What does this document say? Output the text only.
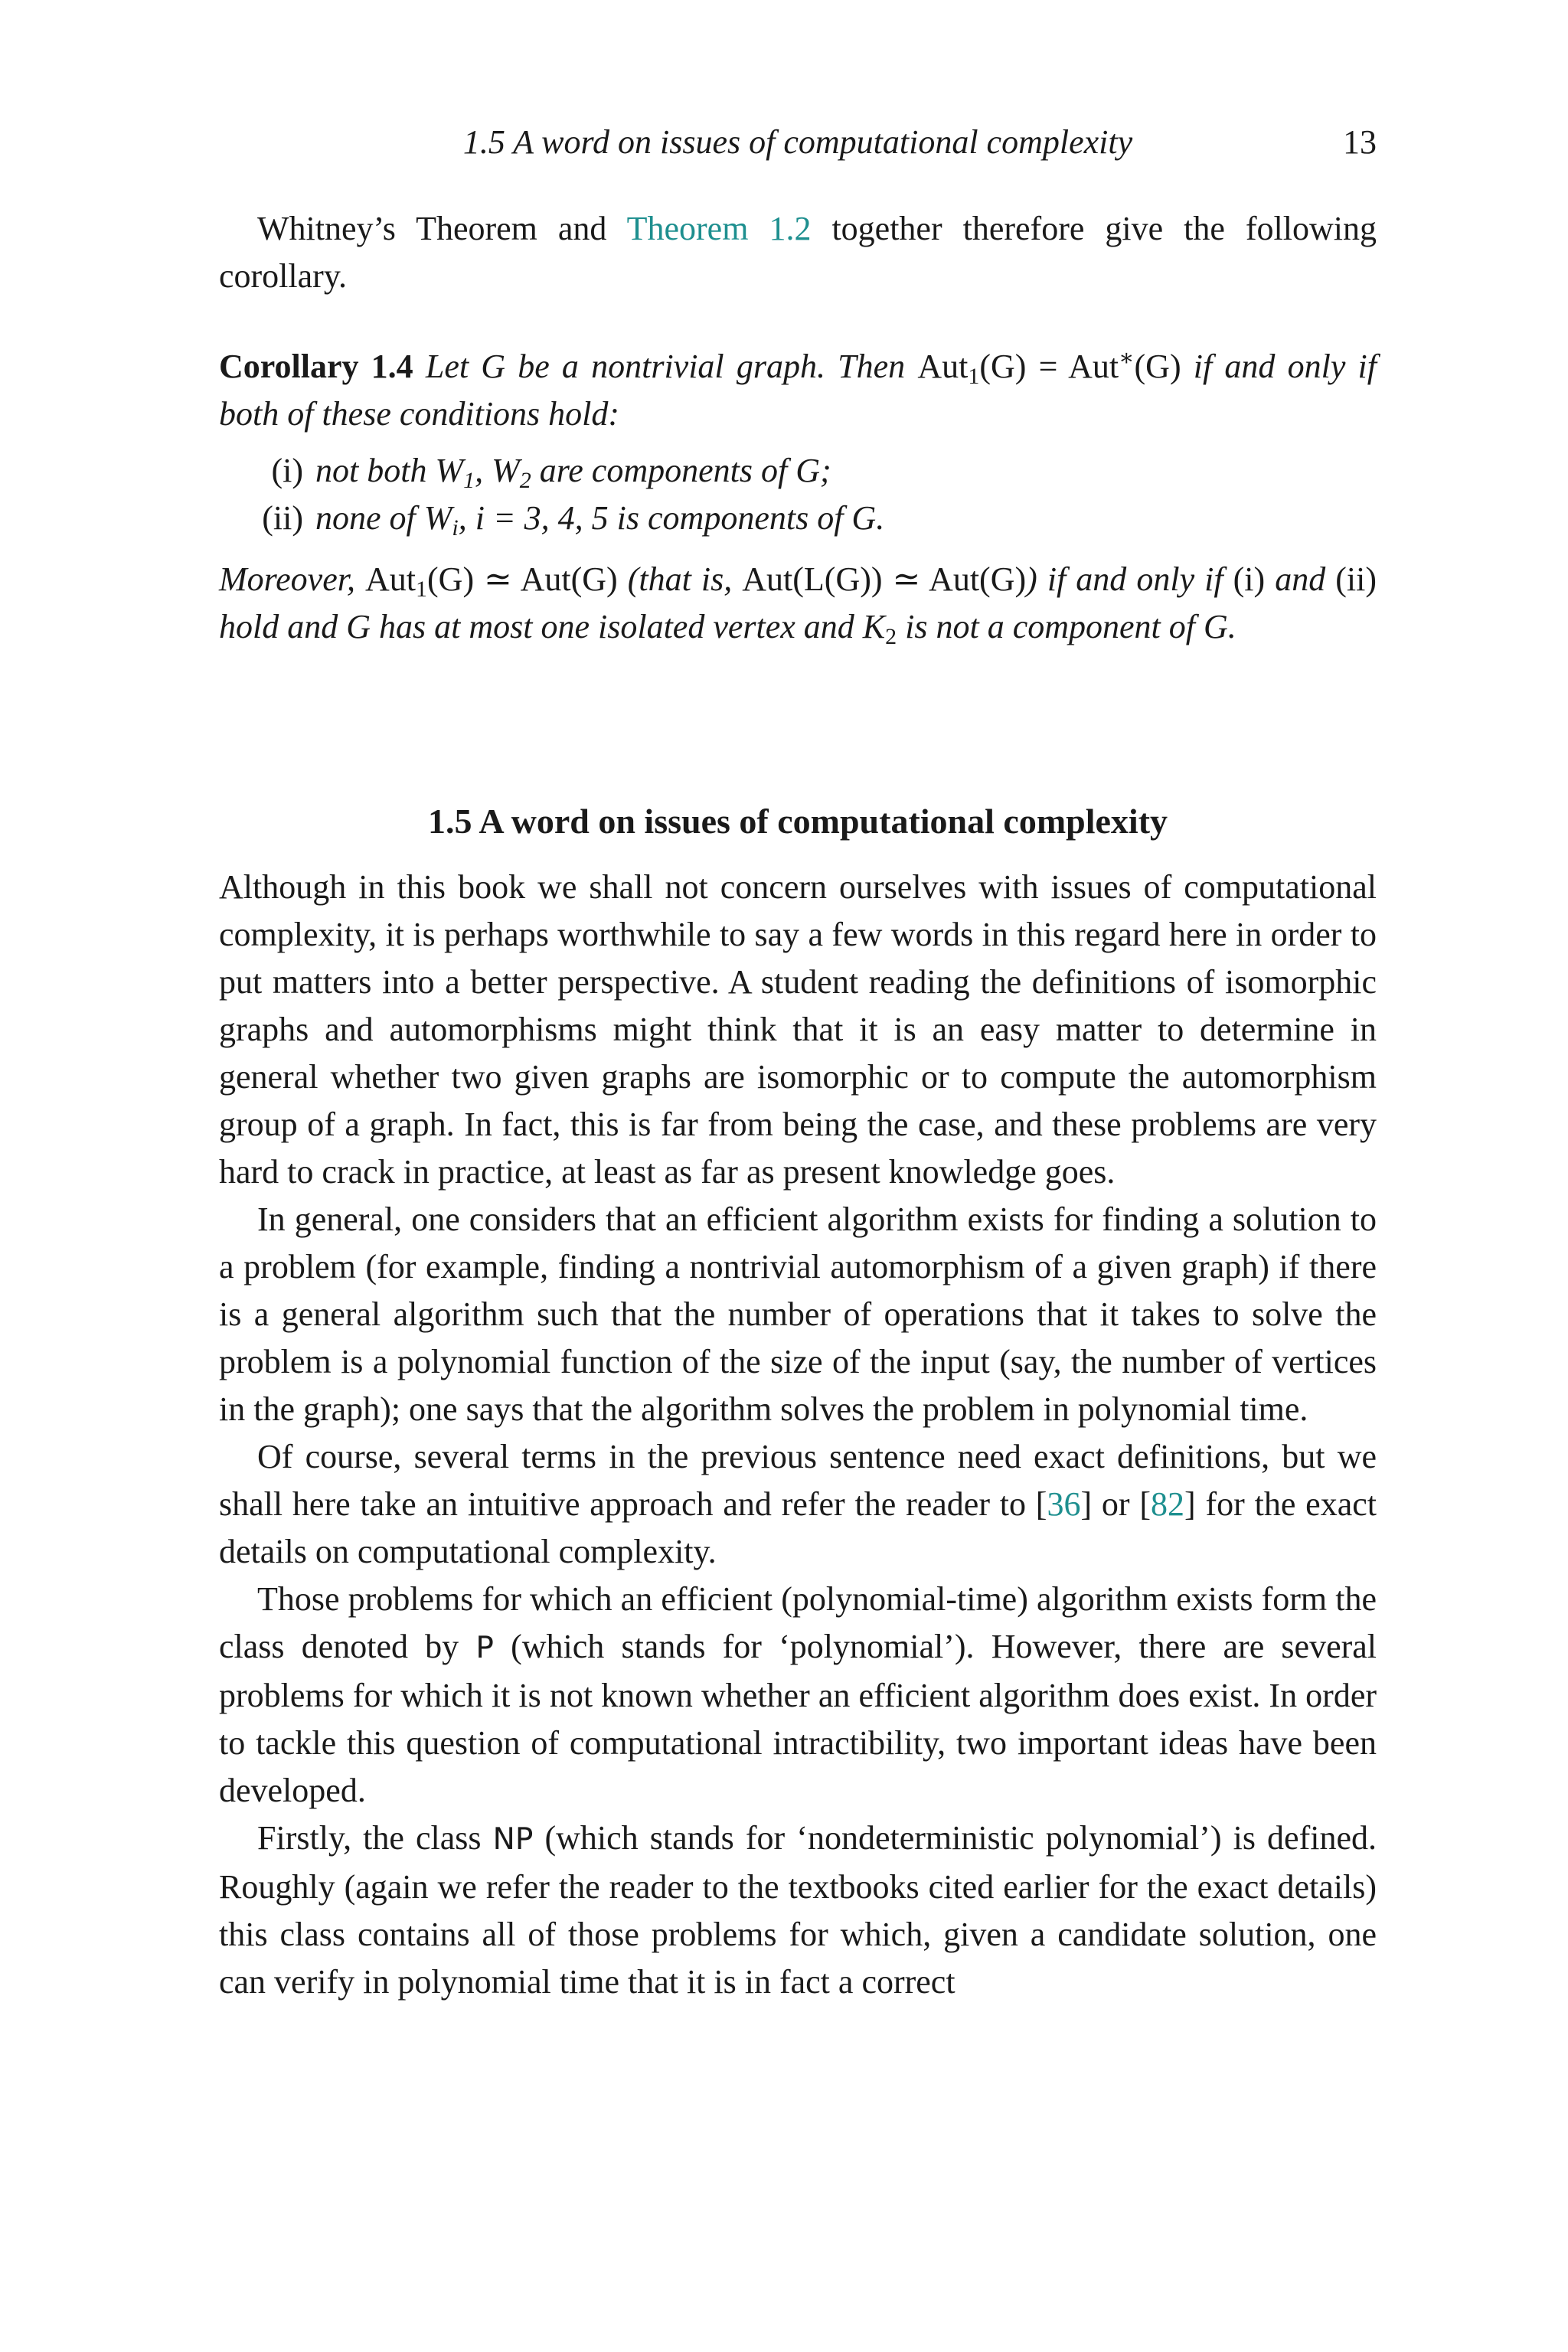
1.5 A word on issues of computational complexity	13

Whitney’s Theorem and Theorem 1.2 together therefore give the following corollary.

Corollary 1.4 Let G be a nontrivial graph. Then Aut$_1$(G) = Aut∗(G) if and only if both of these conditions hold:

(i) not both $W_1$, $W_2$ are components of G;
(ii) none of $W_i$, i = 3, 4, 5 is components of G.

Moreover, Aut$_1$(G) ≃ Aut(G) (that is, Aut(L(G)) ≃ Aut(G)) if and only if (i) and (ii) hold and G has at most one isolated vertex and $K_2$ is not a component of G.

1.5 A word on issues of computational complexity

Although in this book we shall not concern ourselves with issues of computational complexity, it is perhaps worthwhile to say a few words in this regard here in order to put matters into a better perspective. A student reading the definitions of isomorphic graphs and automorphisms might think that it is an easy matter to determine in general whether two given graphs are isomorphic or to compute the automorphism group of a graph. In fact, this is far from being the case, and these problems are very hard to crack in practice, at least as far as present knowledge goes.

In general, one considers that an efficient algorithm exists for finding a solution to a problem (for example, finding a nontrivial automorphism of a given graph) if there is a general algorithm such that the number of operations that it takes to solve the problem is a polynomial function of the size of the input (say, the number of vertices in the graph); one says that the algorithm solves the problem in polynomial time.

Of course, several terms in the previous sentence need exact definitions, but we shall here take an intuitive approach and refer the reader to [36] or [82] for the exact details on computational complexity.

Those problems for which an efficient (polynomial-time) algorithm exists form the class denoted by P (which stands for ‘polynomial’). However, there are several problems for which it is not known whether an efficient algorithm does exist. In order to tackle this question of computational intractibility, two important ideas have been developed.

Firstly, the class NP (which stands for ‘nondeterministic polynomial’) is defined. Roughly (again we refer the reader to the textbooks cited earlier for the exact details) this class contains all of those problems for which, given a candidate solution, one can verify in polynomial time that it is in fact a correct
